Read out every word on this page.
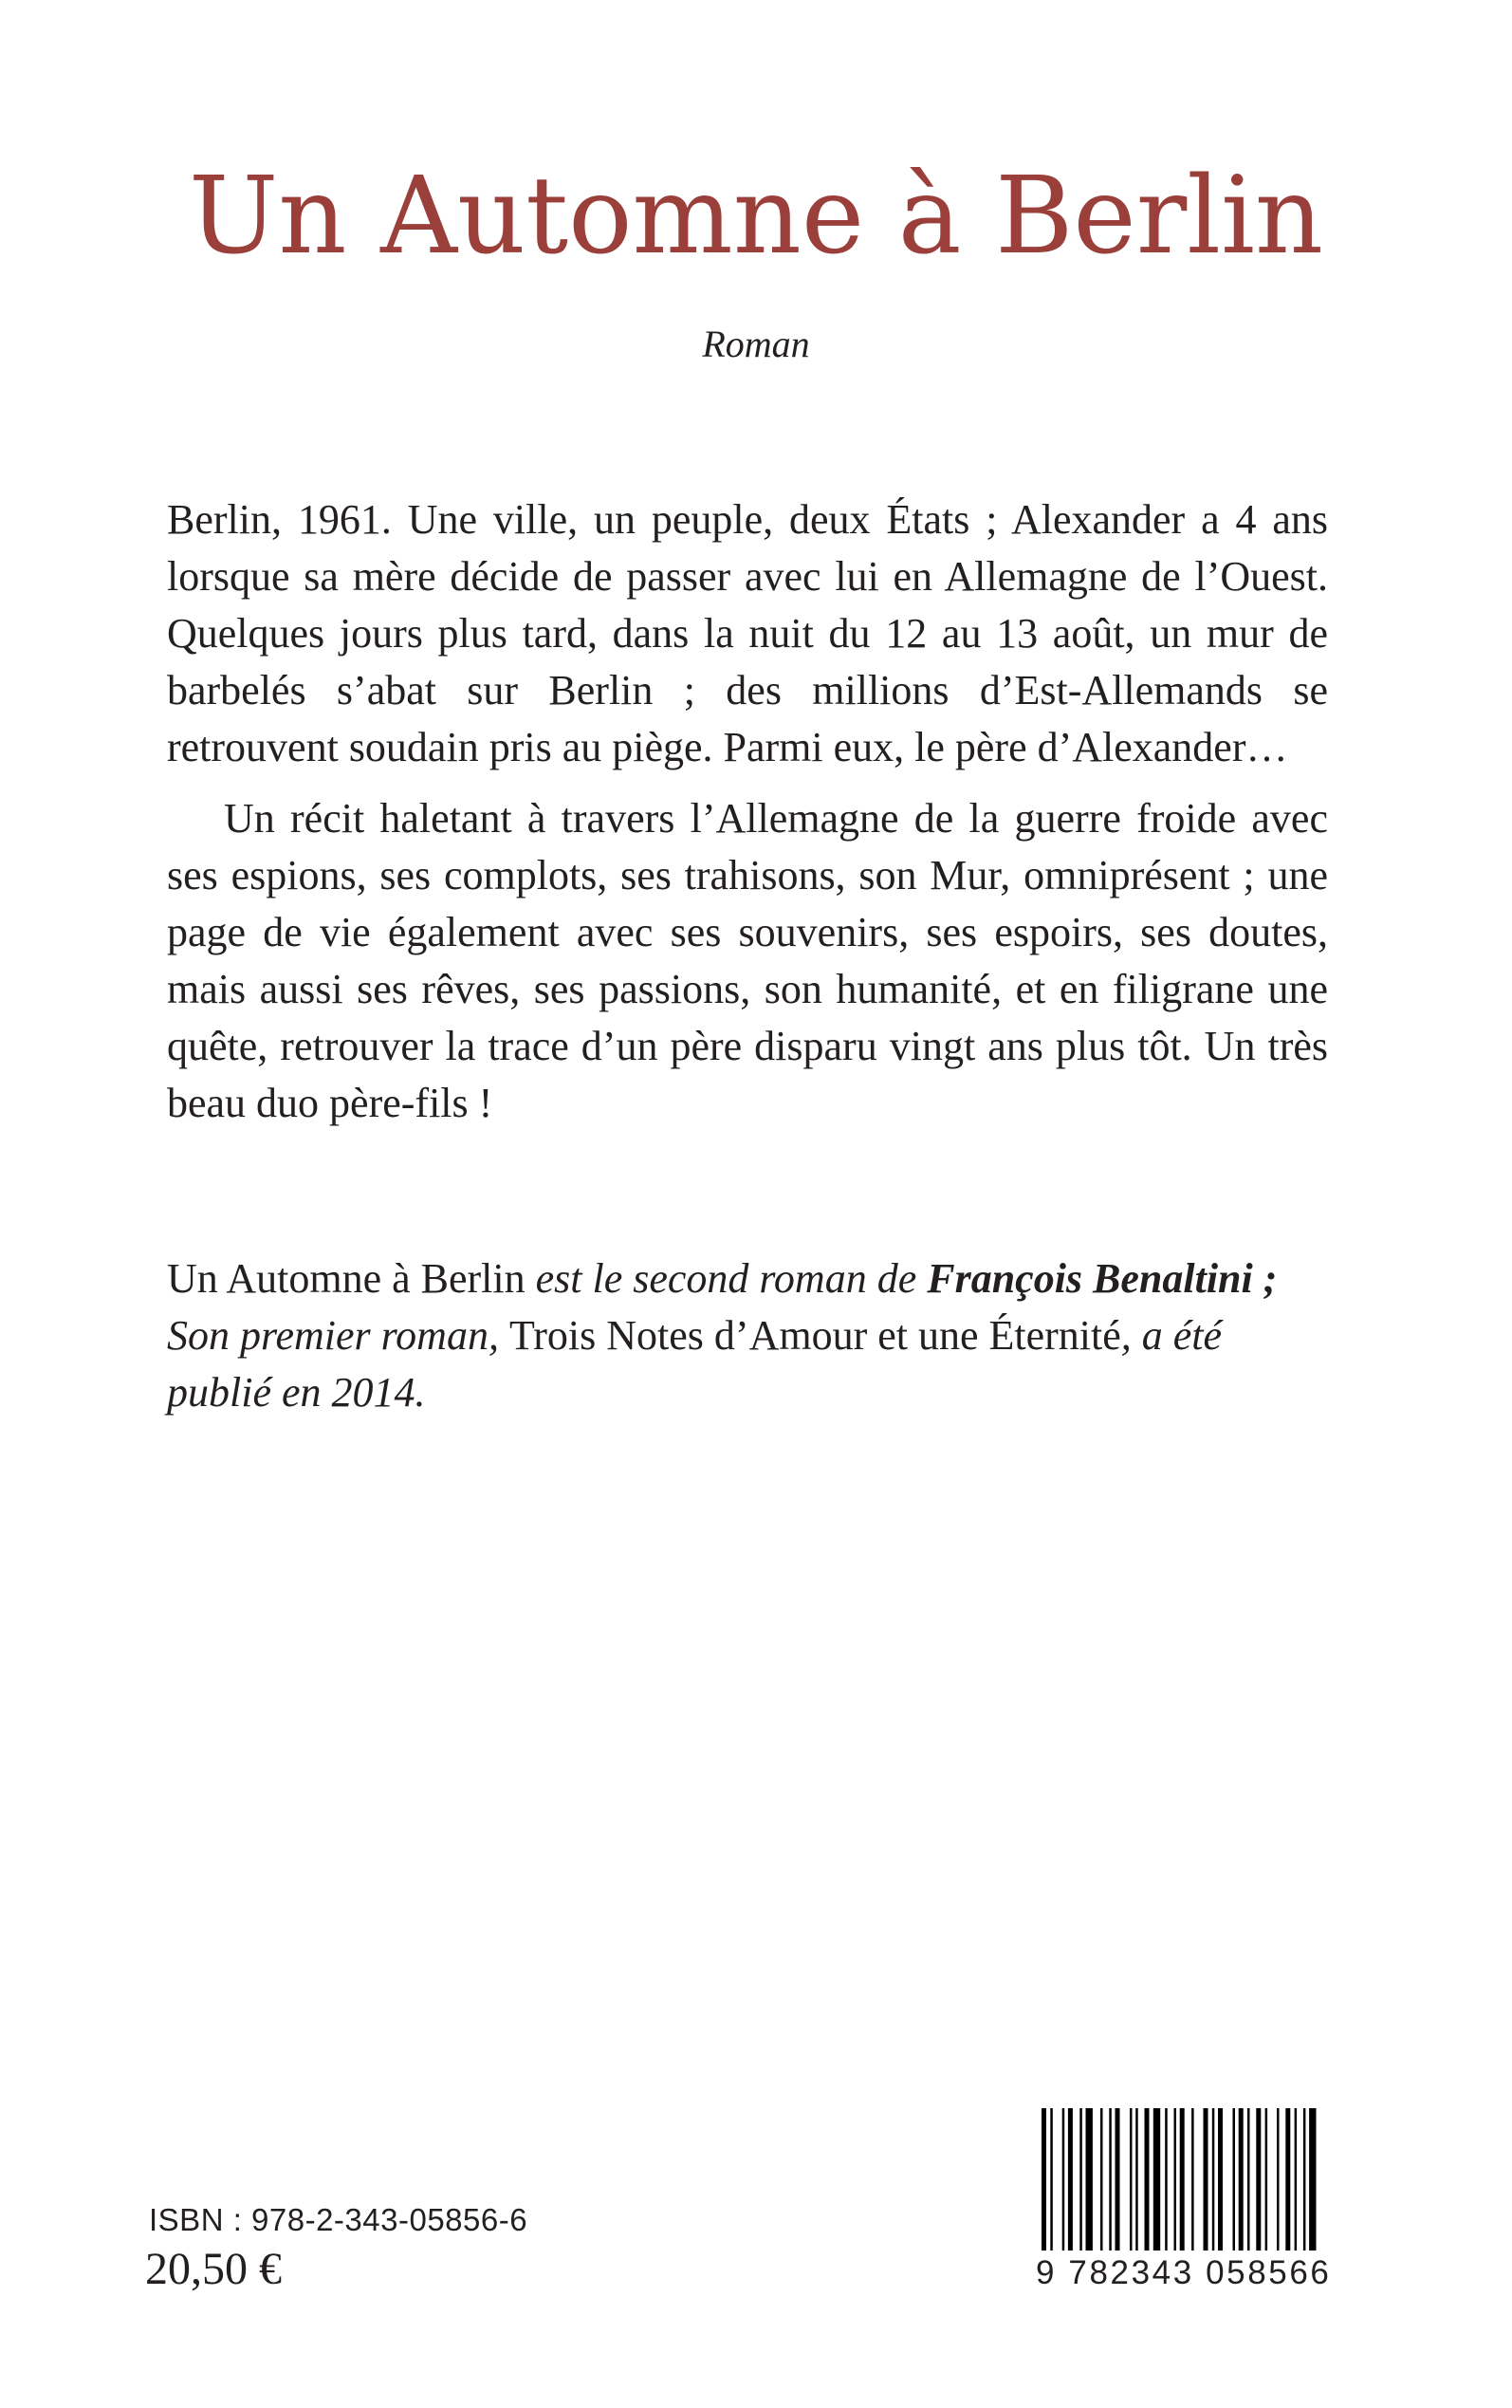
Un Automne à Berlin
Roman

Berlin, 1961. Une ville, un peuple, deux États ; Alexander a 4 ans lorsque sa mère décide de passer avec lui en Allemagne de l’Ouest. Quelques jours plus tard, dans la nuit du 12 au 13 août, un mur de barbelés s’abat sur Berlin ; des millions d’Est-Allemands se retrouvent soudain pris au piège. Parmi eux, le père d’Alexander…

Un récit haletant à travers l’Allemagne de la guerre froide avec ses espions, ses complots, ses trahisons, son Mur, omniprésent ; une page de vie également avec ses souvenirs, ses espoirs, ses doutes, mais aussi ses rêves, ses passions, son humanité, et en filigrane une quête, retrouver la trace d’un père disparu vingt ans plus tôt. Un très beau duo père-fils !

Un Automne à Berlin est le second roman de François Benaltini ;
Son premier roman, Trois Notes d’Amour et une Éternité, a été publié en 2014.
ISBN : 978-2-343-05856-6
20,50 €	9 782343 058566
